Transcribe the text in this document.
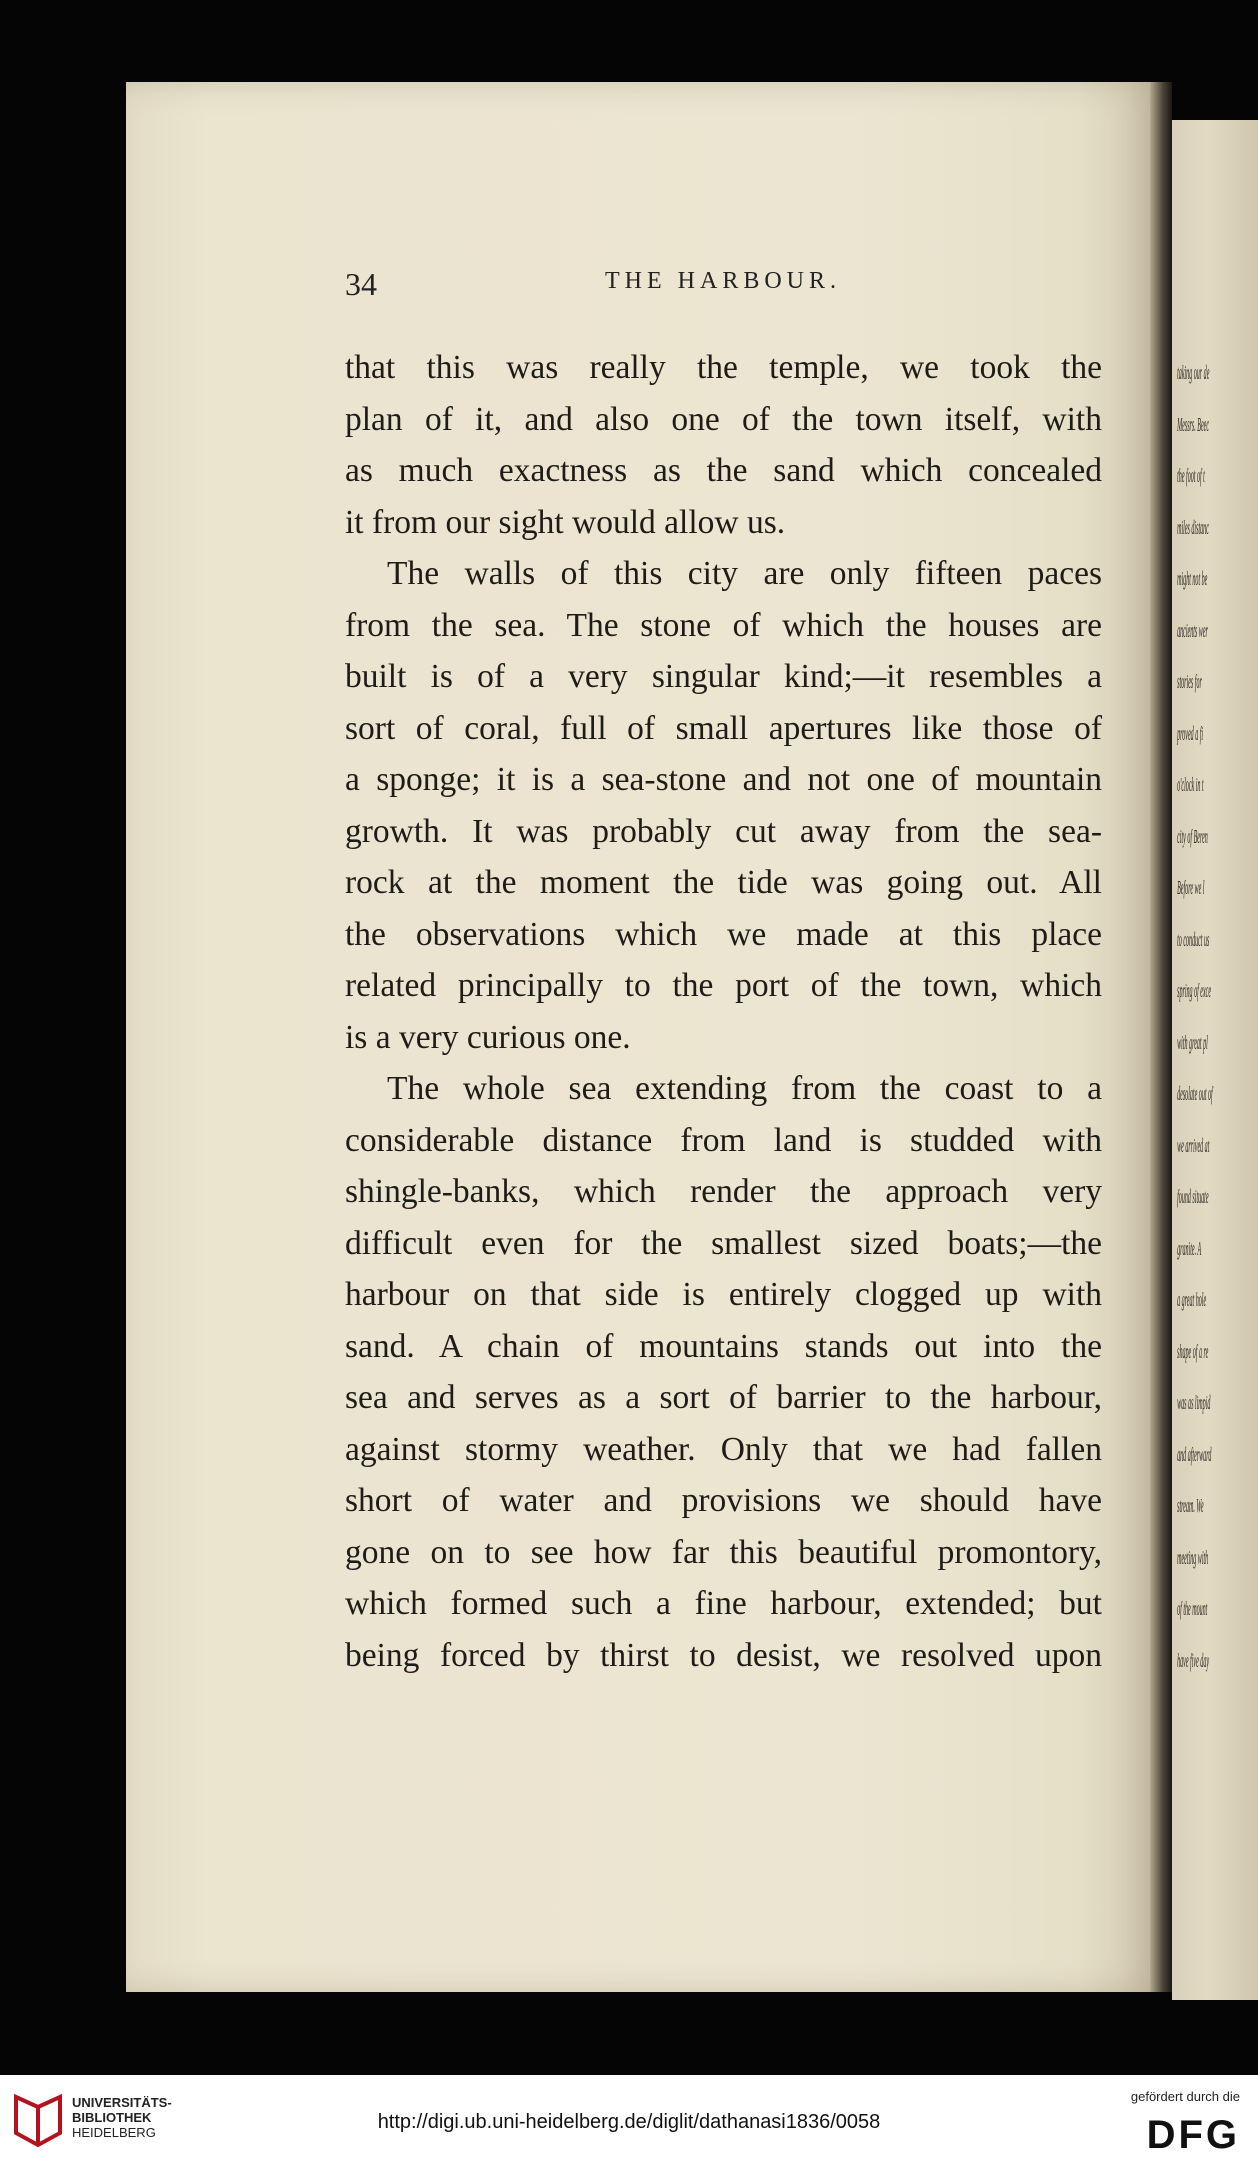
taking our de
Messrs. Beec
the foot of t
miles distanc
might not be
ancients wer
stories for
proved a fi
o'clock in t
city of Beren
Before we l
to conduct us
spring of exce
with great pl
desolate out of
we arrived at
found situate
granite. A
a great hole
shape of a re
was as limpid
and afterward
stream. We
meeting with
of the mount
have five day
34	THE HARBOUR.
that this was really the temple, we took the
plan of it, and also one of the town itself, with
as much exactness as the sand which concealed
it from our sight would allow us.
The walls of this city are only fifteen paces
from the sea. The stone of which the houses are
built is of a very singular kind;—it resembles a
sort of coral, full of small apertures like those of
a sponge; it is a sea-stone and not one of mountain
growth. It was probably cut away from the sea-
rock at the moment the tide was going out. All
the observations which we made at this place
related principally to the port of the town, which
is a very curious one.
The whole sea extending from the coast to a
considerable distance from land is studded with
shingle-banks, which render the approach very
difficult even for the smallest sized boats;—the
harbour on that side is entirely clogged up with
sand. A chain of mountains stands out into the
sea and serves as a sort of barrier to the harbour,
against stormy weather. Only that we had fallen
short of water and provisions we should have
gone on to see how far this beautiful promontory,
which formed such a fine harbour, extended; but
being forced by thirst to desist, we resolved upon
UNIVERSITÄTS-
BIBLIOTHEK
HEIDELBERG	http://digi.ub.uni-heidelberg.de/diglit/dathanasi1836/0058
gefördert durch die
DFG
